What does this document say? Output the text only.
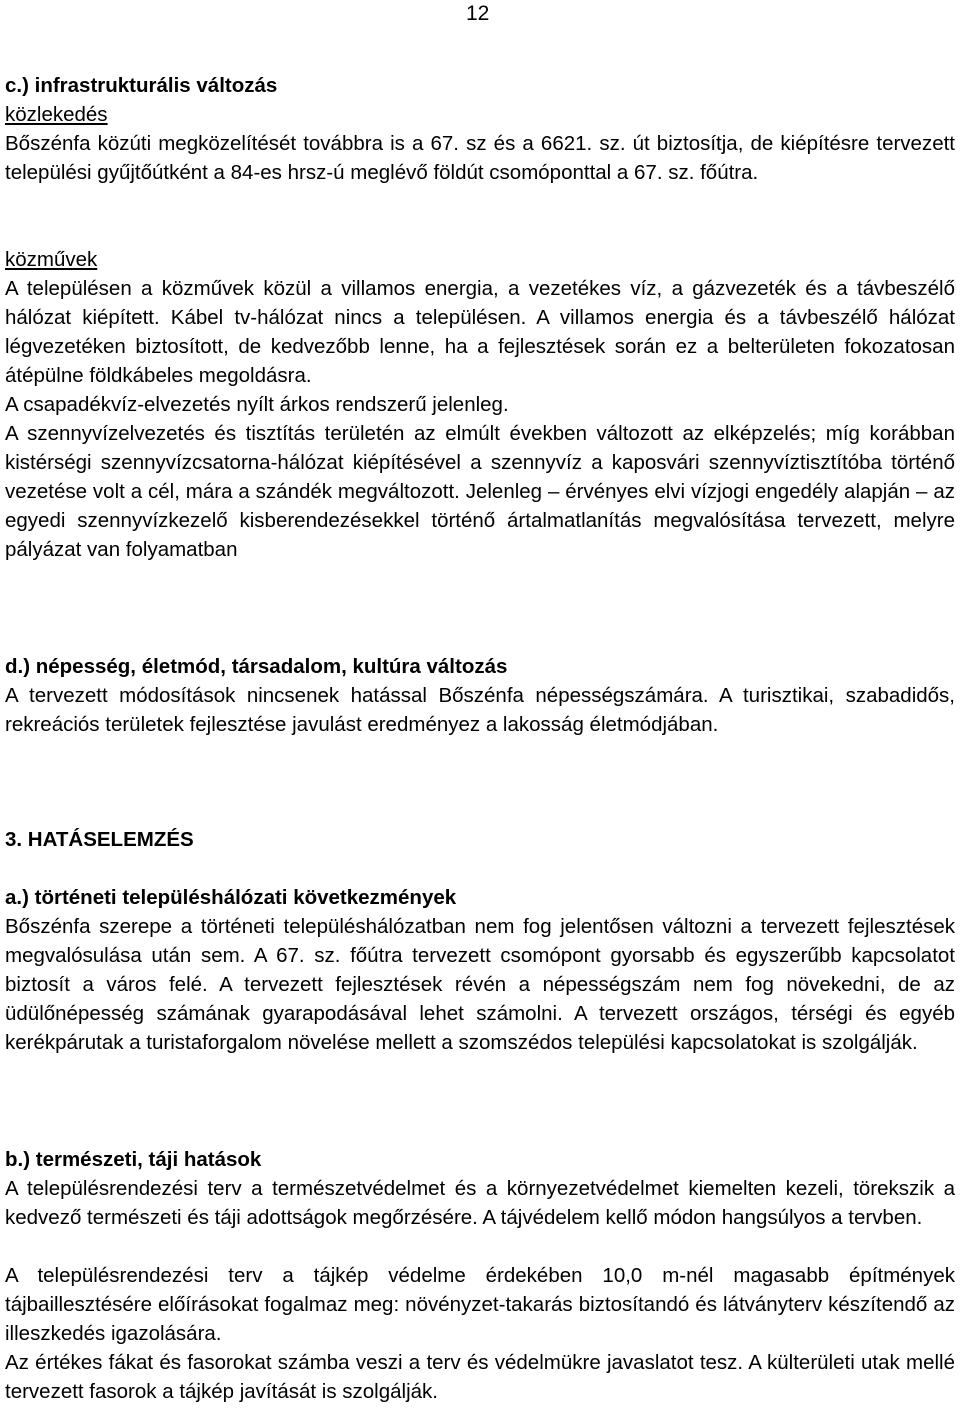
12
c.) infrastrukturális változás
közlekedés
Bőszénfa közúti megközelítését továbbra is a 67. sz és a 6621. sz. út biztosítja, de kiépítésre tervezett települési gyűjtőútként a 84-es hrsz-ú meglévő földút csomóponttal a 67. sz. főútra.
közművek
A településen a közművek közül a villamos energia, a vezetékes víz, a gázvezeték és a távbeszélő hálózat kiépített. Kábel tv-hálózat nincs a településen. A villamos energia és a távbeszélő hálózat légvezetéken biztosított, de kedvezőbb lenne, ha a fejlesztések során ez a belterületen fokozatosan átépülne földkábeles megoldásra.
A csapadékvíz-elvezetés nyílt árkos rendszerű jelenleg.
A szennyvízelvezetés és tisztítás területén az elmúlt években változott az elképzelés; míg korábban kistérségi szennyvízcsatorna-hálózat kiépítésével a szennyvíz a kaposvári szennyvíztisztítóba történő vezetése volt a cél, mára a szándék megváltozott. Jelenleg – érvényes elvi vízjogi engedély alapján – az egyedi szennyvízkezelő kisberendezésekkel történő ártalmatlanítás megvalósítása tervezett, melyre pályázat van folyamatban
d.) népesség, életmód, társadalom, kultúra változás
A tervezett módosítások nincsenek hatással Bőszénfa népességszámára. A turisztikai, szabadidős, rekreációs területek fejlesztése javulást eredményez a lakosság életmódjában.
3. HATÁSELEMZÉS
a.) történeti településhálózati következmények
Bőszénfa szerepe a történeti településhálózatban nem fog jelentősen változni a tervezett fejlesztések megvalósulása után sem. A 67. sz. főútra tervezett csomópont gyorsabb és egyszerűbb kapcsolatot biztosít a város felé. A tervezett fejlesztések révén a népességszám nem fog növekedni, de az üdülőnépesség számának gyarapodásával lehet számolni. A tervezett országos, térségi és egyéb kerékpárutak a turistaforgalom növelése mellett a szomszédos települési kapcsolatokat is szolgálják.
b.) természeti, táji hatások
A településrendezési terv a természetvédelmet és a környezetvédelmet kiemelten kezeli, törekszik a kedvező természeti és táji adottságok megőrzésére. A tájvédelem kellő módon hangsúlyos a tervben.
A településrendezési terv a tájkép védelme érdekében 10,0 m-nél magasabb építmények tájbaillesztésére előírásokat fogalmaz meg: növényzet-takarás biztosítandó és látványterv készítendő az illeszkedés igazolására.
Az értékes fákat és fasorokat számba veszi a terv és védelmükre javaslatot tesz. A külterületi utak mellé tervezett fasorok a tájkép javítását is szolgálják.
